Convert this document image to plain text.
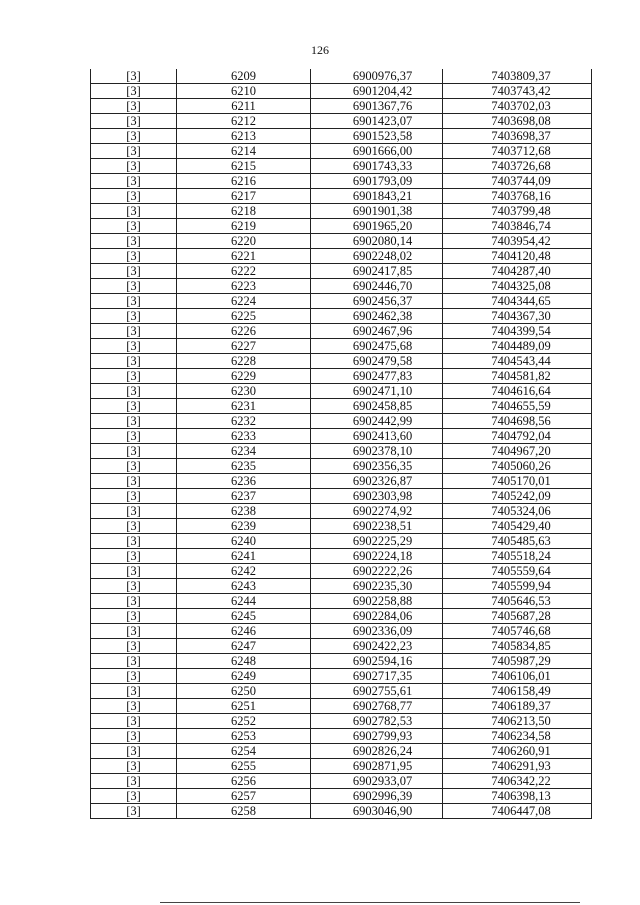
126
[3]	6209	6900976,37	7403809,37
[3]	6210	6901204,42	7403743,42
[3]	6211	6901367,76	7403702,03
[3]	6212	6901423,07	7403698,08
[3]	6213	6901523,58	7403698,37
[3]	6214	6901666,00	7403712,68
[3]	6215	6901743,33	7403726,68
[3]	6216	6901793,09	7403744,09
[3]	6217	6901843,21	7403768,16
[3]	6218	6901901,38	7403799,48
[3]	6219	6901965,20	7403846,74
[3]	6220	6902080,14	7403954,42
[3]	6221	6902248,02	7404120,48
[3]	6222	6902417,85	7404287,40
[3]	6223	6902446,70	7404325,08
[3]	6224	6902456,37	7404344,65
[3]	6225	6902462,38	7404367,30
[3]	6226	6902467,96	7404399,54
[3]	6227	6902475,68	7404489,09
[3]	6228	6902479,58	7404543,44
[3]	6229	6902477,83	7404581,82
[3]	6230	6902471,10	7404616,64
[3]	6231	6902458,85	7404655,59
[3]	6232	6902442,99	7404698,56
[3]	6233	6902413,60	7404792,04
[3]	6234	6902378,10	7404967,20
[3]	6235	6902356,35	7405060,26
[3]	6236	6902326,87	7405170,01
[3]	6237	6902303,98	7405242,09
[3]	6238	6902274,92	7405324,06
[3]	6239	6902238,51	7405429,40
[3]	6240	6902225,29	7405485,63
[3]	6241	6902224,18	7405518,24
[3]	6242	6902222,26	7405559,64
[3]	6243	6902235,30	7405599,94
[3]	6244	6902258,88	7405646,53
[3]	6245	6902284,06	7405687,28
[3]	6246	6902336,09	7405746,68
[3]	6247	6902422,23	7405834,85
[3]	6248	6902594,16	7405987,29
[3]	6249	6902717,35	7406106,01
[3]	6250	6902755,61	7406158,49
[3]	6251	6902768,77	7406189,37
[3]	6252	6902782,53	7406213,50
[3]	6253	6902799,93	7406234,58
[3]	6254	6902826,24	7406260,91
[3]	6255	6902871,95	7406291,93
[3]	6256	6902933,07	7406342,22
[3]	6257	6902996,39	7406398,13
[3]	6258	6903046,90	7406447,08
